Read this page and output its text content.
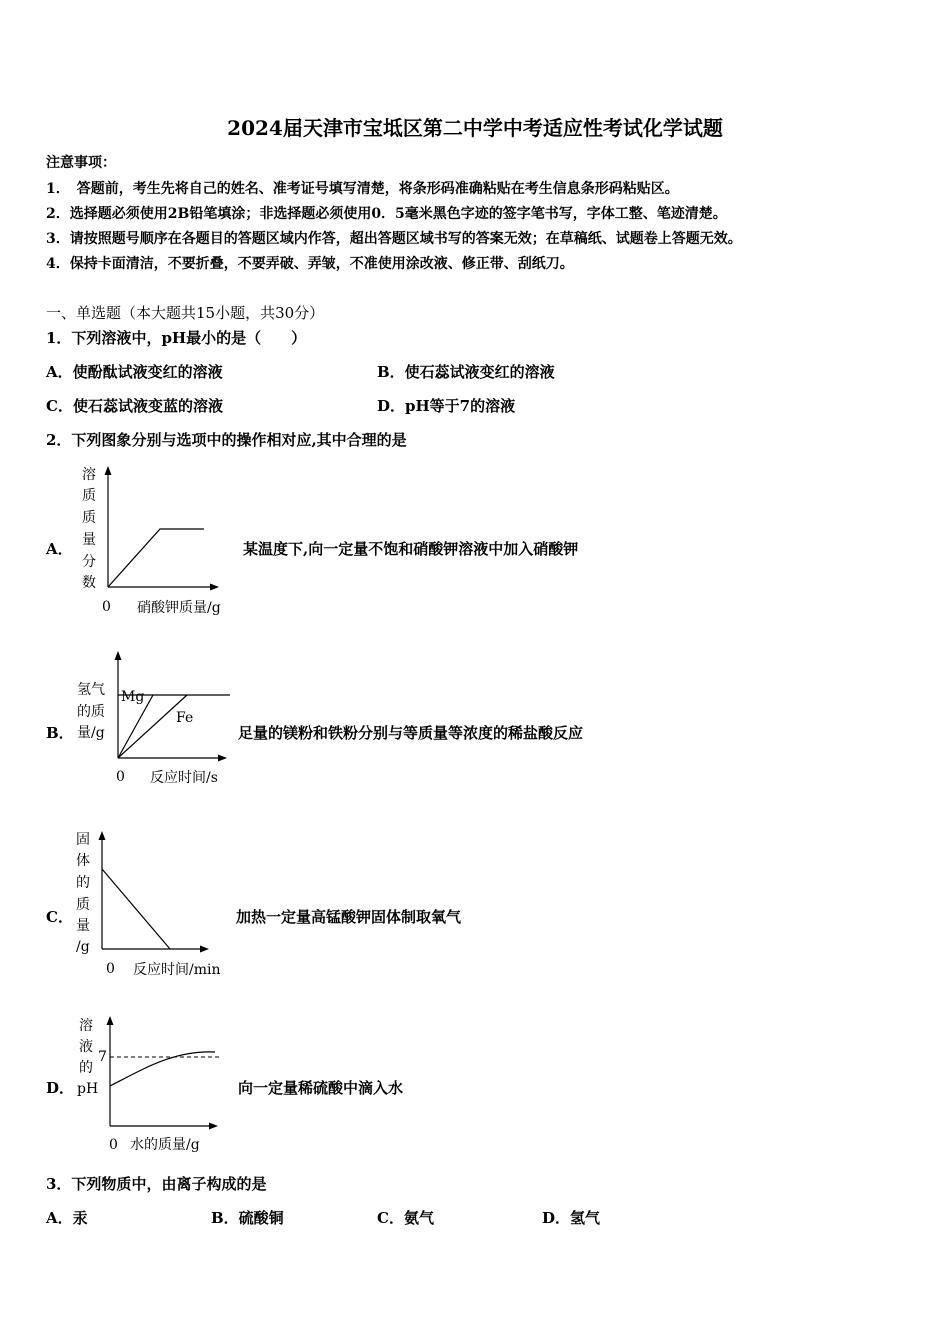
2024届天津市宝坻区第二中学中考适应性考试化学试题
注意事项：
1．　答题前，考生先将自己的姓名、准考证号填写清楚，将条形码准确粘贴在考生信息条形码粘贴区。
2．选择题必须使用2B铅笔填涂；非选择题必须使用0．5毫米黑色字迹的签字笔书写，字体工整、笔迹清楚。
3．请按照题号顺序在各题目的答题区域内作答，超出答题区域书写的答案无效；在草稿纸、试题卷上答题无效。
4．保持卡面清洁，不要折叠，不要弄破、弄皱，不准使用涂改液、修正带、刮纸刀。
一、单选题（本大题共15小题，共30分）
1．下列溶液中，pH最小的是（　　）
A．使酚酞试液变红的溶液	B．使石蕊试液变红的溶液
C．使石蕊试液变蓝的溶液	D．pH等于7的溶液
2．下列图象分别与选项中的操作相对应,其中合理的是
A．
溶
质
质
量
分
数
0 硝酸钾质量/g
某温度下,向一定量不饱和硝酸钾溶液中加入硝酸钾
B．
Mg
Fe
氢气
的质
量/g
0 反应时间/s
足量的镁粉和铁粉分别与等质量等浓度的稀盐酸反应
C．
固
体
的
质
量
/g
0 反应时间/min
加热一定量高锰酸钾固体制取氧气
D．
7
溶
液
的
pH
0 水的质量/g
向一定量稀硫酸中滴入水
3．下列物质中，由离子构成的是
A．汞	B．硫酸铜	C．氨气	D．氢气
